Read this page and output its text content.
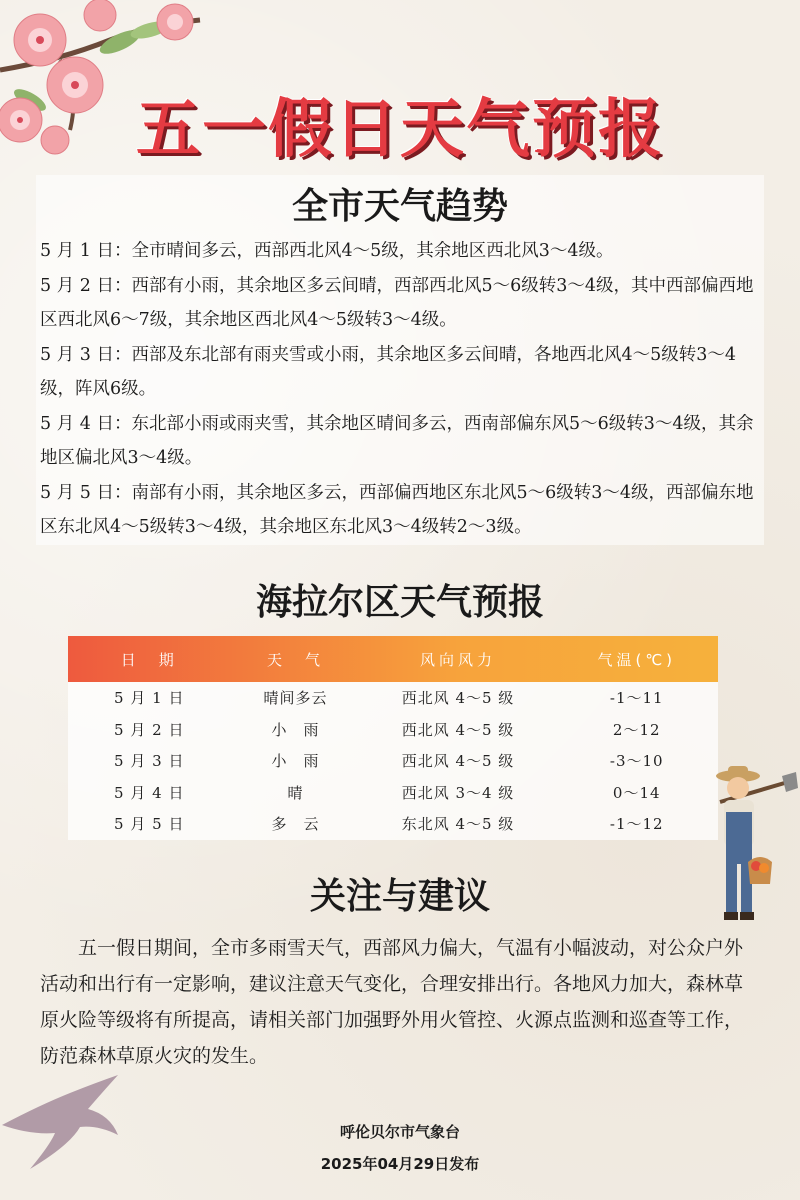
五一假日天气预报
全市天气趋势

5 月 1 日：全市晴间多云，西部西北风4～5级，其余地区西北风3～4级。

5 月 2 日：西部有小雨，其余地区多云间晴，西部西北风5～6级转3～4级，其中西部偏西地区西北风6～7级，其余地区西北风4～5级转3～4级。

5 月 3 日：西部及东北部有雨夹雪或小雨，其余地区多云间晴，各地西北风4～5级转3～4级，阵风6级。

5 月 4 日：东北部小雨或雨夹雪，其余地区晴间多云，西南部偏东风5～6级转3～4级，其余地区偏北风3～4级。

5 月 5 日：南部有小雨，其余地区多云，西部偏西地区东北风5～6级转3～4级，西部偏东地区东北风4～5级转3～4级，其余地区东北风3～4级转2～3级。

海拉尔区天气预报
日　期	天　气	风向风力	气温(℃)
5 月 1 日	晴间多云	西北风 4～5 级	-1～11
5 月 2 日	小　雨	西北风 4～5 级	2～12
5 月 3 日	小　雨	西北风 4～5 级	-3～10
5 月 4 日	晴	西北风 3～4 级	0～14
5 月 5 日	多　云	东北风 4～5 级	-1～12
关注与建议

五一假日期间，全市多雨雪天气，西部风力偏大，气温有小幅波动，对公众户外活动和出行有一定影响，建议注意天气变化，合理安排出行。各地风力加大，森林草原火险等级将有所提高，请相关部门加强野外用火管控、火源点监测和巡查等工作，防范森林草原火灾的发生。

呼伦贝尔市气象台
2025年04月29日发布
